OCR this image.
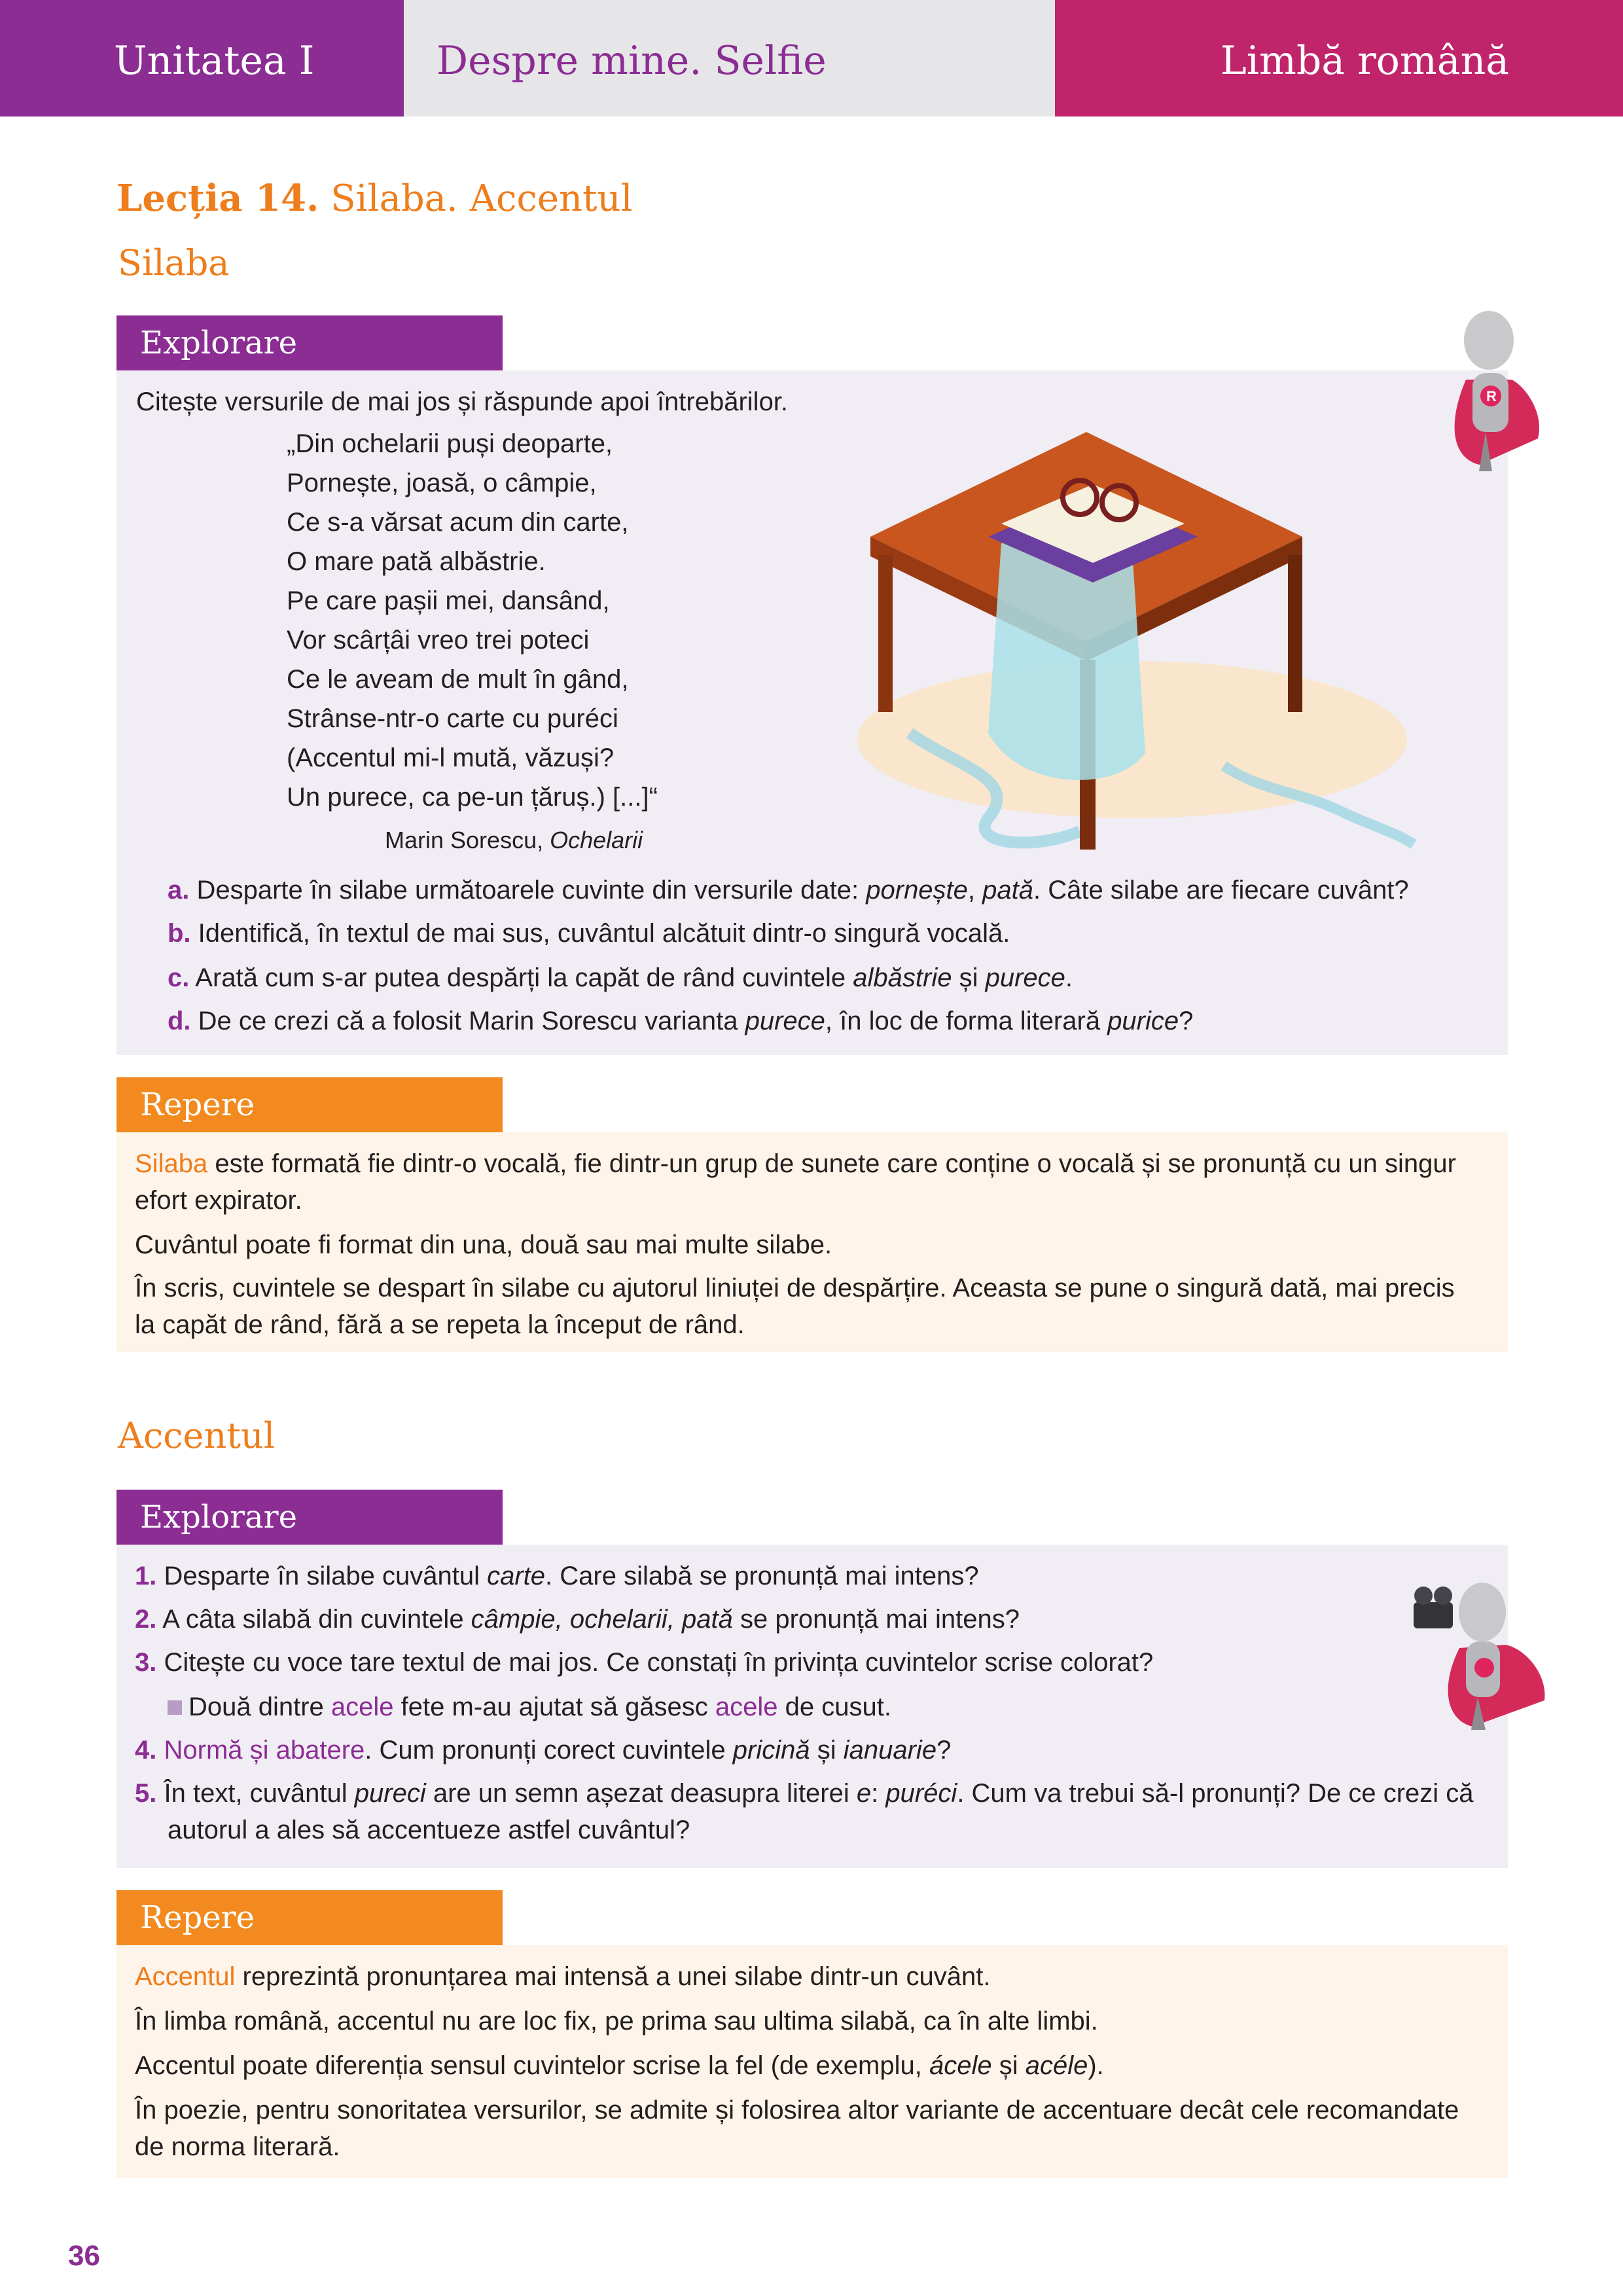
Unitatea I	Despre mine. Selfie	Limbă română
Lecția 14. Silaba. Accentul
Silaba
Explorare
Citește versurile de mai jos și răspunde apoi întrebărilor.
„Din ochelarii puși deoparte,
Pornește, joasă, o câmpie,
Ce s-a vărsat acum din carte,
O mare pată albăstrie.
Pe care pașii mei, dansând,
Vor scârțâi vreo trei poteci
Ce le aveam de mult în gând,
Strânse-ntr-o carte cu puréci
(Accentul mi-l mută, văzuși?
Un purece, ca pe-un țăruș.) [...]“
Marin Sorescu, Ochelarii
R
a. Desparte în silabe următoarele cuvinte din versurile date: pornește, pată. Câte silabe are fiecare cuvânt?
b. Identifică, în textul de mai sus, cuvântul alcătuit dintr-o singură vocală.
c. Arată cum s-ar putea despărți la capăt de rând cuvintele albăstrie și purece.
d. De ce crezi că a folosit Marin Sorescu varianta purece, în loc de forma literară purice?
Repere
Silaba este formată fie dintr-o vocală, fie dintr-un grup de sunete care conține o vocală și se pronunță cu un singur
efort expirator.
Cuvântul poate fi format din una, două sau mai multe silabe.
În scris, cuvintele se despart în silabe cu ajutorul liniuței de despărțire. Aceasta se pune o singură dată, mai precis
la capăt de rând, fără a se repeta la început de rând.
Accentul
Explorare
1. Desparte în silabe cuvântul carte. Care silabă se pronunță mai intens?
2. A câta silabă din cuvintele câmpie, ochelarii, pată se pronunță mai intens?
3. Citește cu voce tare textul de mai jos. Ce constați în privința cuvintelor scrise colorat?
Două dintre acele fete m-au ajutat să găsesc acele de cusut.
4. Normă și abatere. Cum pronunți corect cuvintele pricină și ianuarie?
5. În text, cuvântul pureci are un semn așezat deasupra literei e: puréci. Cum va trebui să-l pronunți? De ce crezi că
autorul a ales să accentueze astfel cuvântul?
Repere
Accentul reprezintă pronunțarea mai intensă a unei silabe dintr-un cuvânt.
În limba română, accentul nu are loc fix, pe prima sau ultima silabă, ca în alte limbi.
Accentul poate diferenția sensul cuvintelor scrise la fel (de exemplu, ácele și acéle).
În poezie, pentru sonoritatea versurilor, se admite și folosirea altor variante de accentuare decât cele recomandate
de norma literară.
36
